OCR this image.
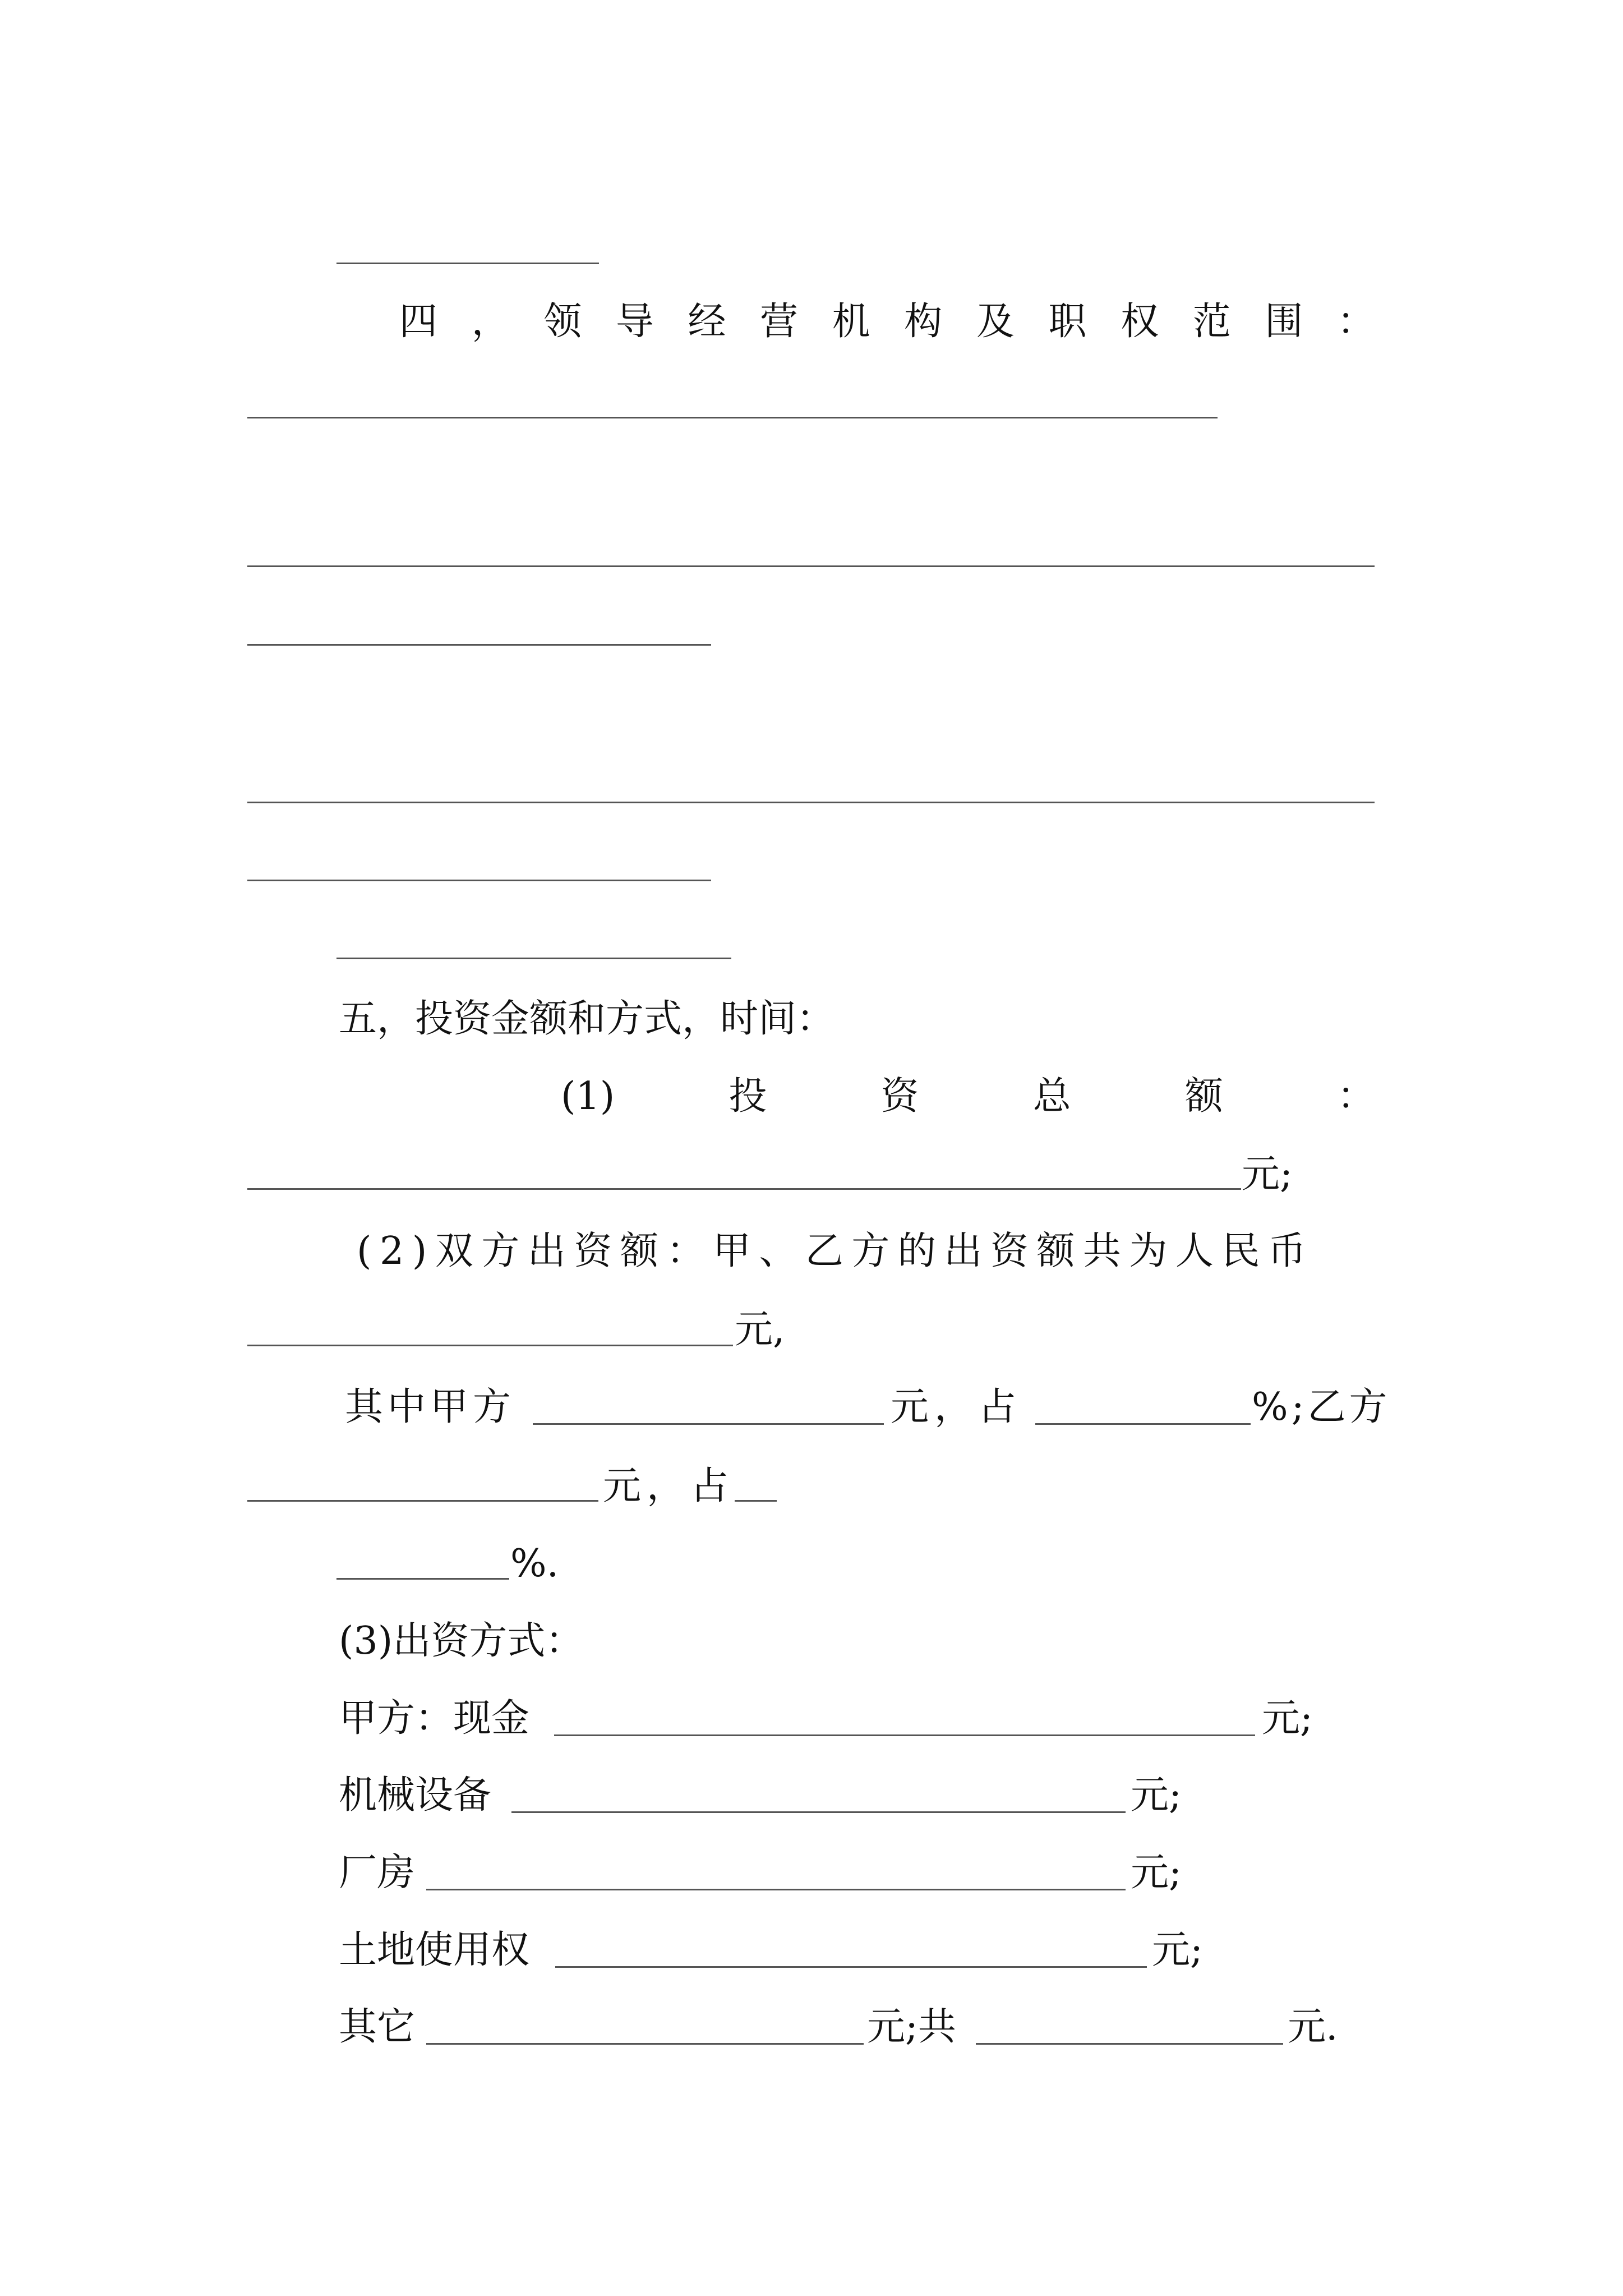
四 ， 领 导 经 营 机 构 及 职 权 范 围 ：
五，投资金额和方式，时间：
(1)	投	资	总	额	：
元;
(2)双方出资额：甲、乙方的出资额共为人民币
元,
其中甲方	元，占	%;乙方
元，占
%.
(3)出资方式：
甲方：现金	元;
机械设备	元;
厂房	元;
土地使用权	元;
其它	元;共	元.
